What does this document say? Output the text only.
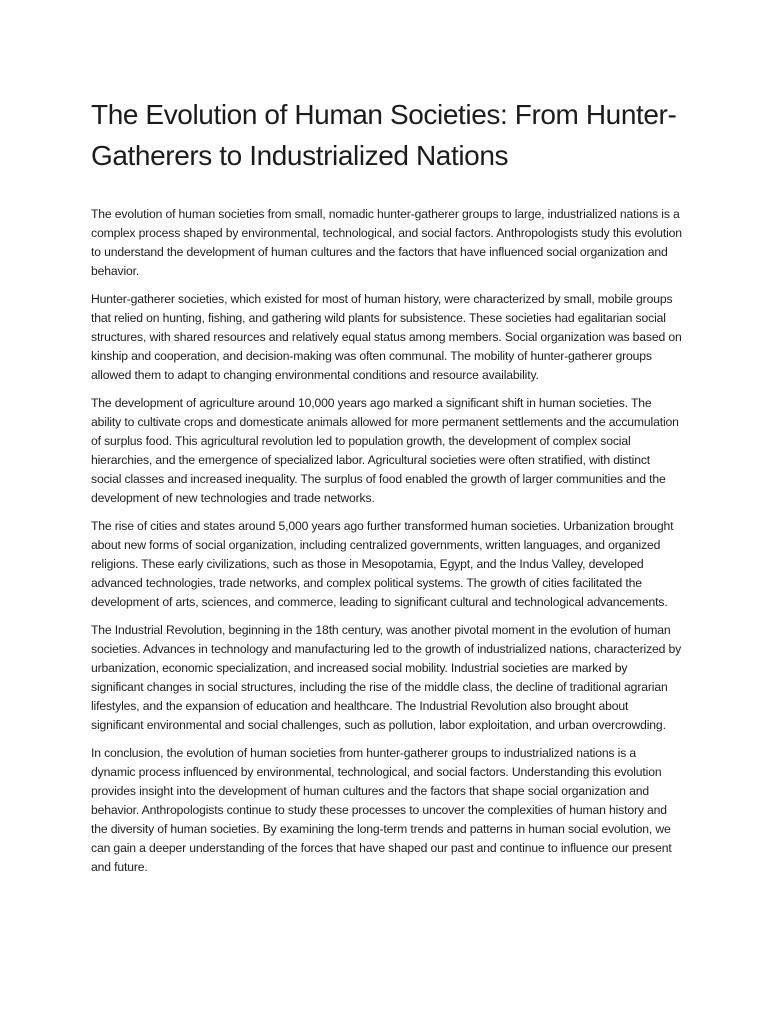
The Evolution of Human Societies: From Hunter-Gatherers to Industrialized Nations

The evolution of human societies from small, nomadic hunter-gatherer groups to large, industrialized nations is a complex process shaped by environmental, technological, and social factors. Anthropologists study this evolution to understand the development of human cultures and the factors that have influenced social organization and behavior.

Hunter-gatherer societies, which existed for most of human history, were characterized by small, mobile groups that relied on hunting, fishing, and gathering wild plants for subsistence. These societies had egalitarian social structures, with shared resources and relatively equal status among members. Social organization was based on kinship and cooperation, and decision-making was often communal. The mobility of hunter-gatherer groups allowed them to adapt to changing environmental conditions and resource availability.

The development of agriculture around 10,000 years ago marked a significant shift in human societies. The ability to cultivate crops and domesticate animals allowed for more permanent settlements and the accumulation of surplus food. This agricultural revolution led to population growth, the development of complex social hierarchies, and the emergence of specialized labor. Agricultural societies were often stratified, with distinct social classes and increased inequality. The surplus of food enabled the growth of larger communities and the development of new technologies and trade networks.

The rise of cities and states around 5,000 years ago further transformed human societies. Urbanization brought about new forms of social organization, including centralized governments, written languages, and organized religions. These early civilizations, such as those in Mesopotamia, Egypt, and the Indus Valley, developed advanced technologies, trade networks, and complex political systems. The growth of cities facilitated the development of arts, sciences, and commerce, leading to significant cultural and technological advancements.

The Industrial Revolution, beginning in the 18th century, was another pivotal moment in the evolution of human societies. Advances in technology and manufacturing led to the growth of industrialized nations, characterized by urbanization, economic specialization, and increased social mobility. Industrial societies are marked by significant changes in social structures, including the rise of the middle class, the decline of traditional agrarian lifestyles, and the expansion of education and healthcare. The Industrial Revolution also brought about significant environmental and social challenges, such as pollution, labor exploitation, and urban overcrowding.

In conclusion, the evolution of human societies from hunter-gatherer groups to industrialized nations is a dynamic process influenced by environmental, technological, and social factors. Understanding this evolution provides insight into the development of human cultures and the factors that shape social organization and behavior. Anthropologists continue to study these processes to uncover the complexities of human history and the diversity of human societies. By examining the long-term trends and patterns in human social evolution, we can gain a deeper understanding of the forces that have shaped our past and continue to influence our present and future.
